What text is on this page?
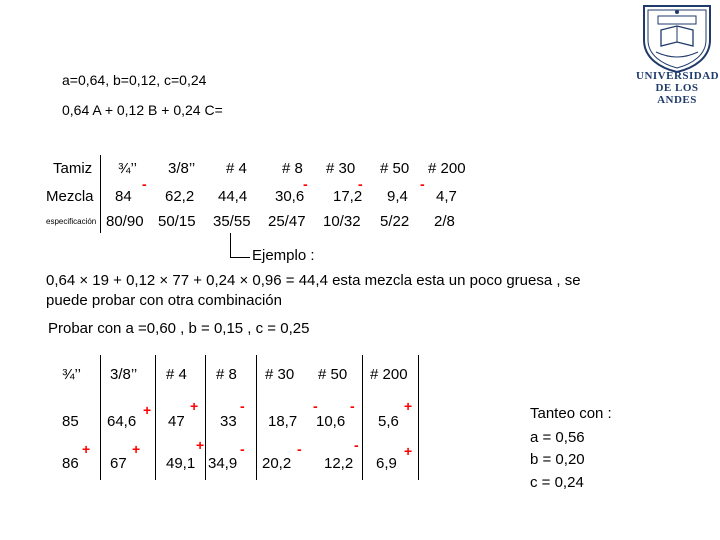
UNIVERSIDAD
DE LOS ANDES
a=0,64, b=0,12, c=0,24
0,64 A + 0,12 B + 0,24 C=
Tamiz ¾’’ 3/8’’ # 4 # 8 # 30 # 50 # 200
Mezcla 84 62,2 44,4 30,6 17,2 9,4 4,7
-	-	-	-
especificación 80/90 50/15 35/55 25/47 10/32 5/22 2/8
Ejemplo :
0,64 × 19 + 0,12 × 77 + 0,24 × 0,96 = 44,4 esta mezcla esta un poco gruesa , se
puede probar con otra combinación
Probar con a =0,60 , b = 0,15 , c = 0,25
¾’’ 3/8’’ # 4 # 8 # 30 # 50 # 200
85 64,6 47 33 18,7 10,6 5,6
+	+	-	- -	+
86 67	49,1 34,9 20,2 12,2 6,9
+	+	+	-	-	-	+
Tanteo con :
a = 0,56
b = 0,20
c = 0,24
